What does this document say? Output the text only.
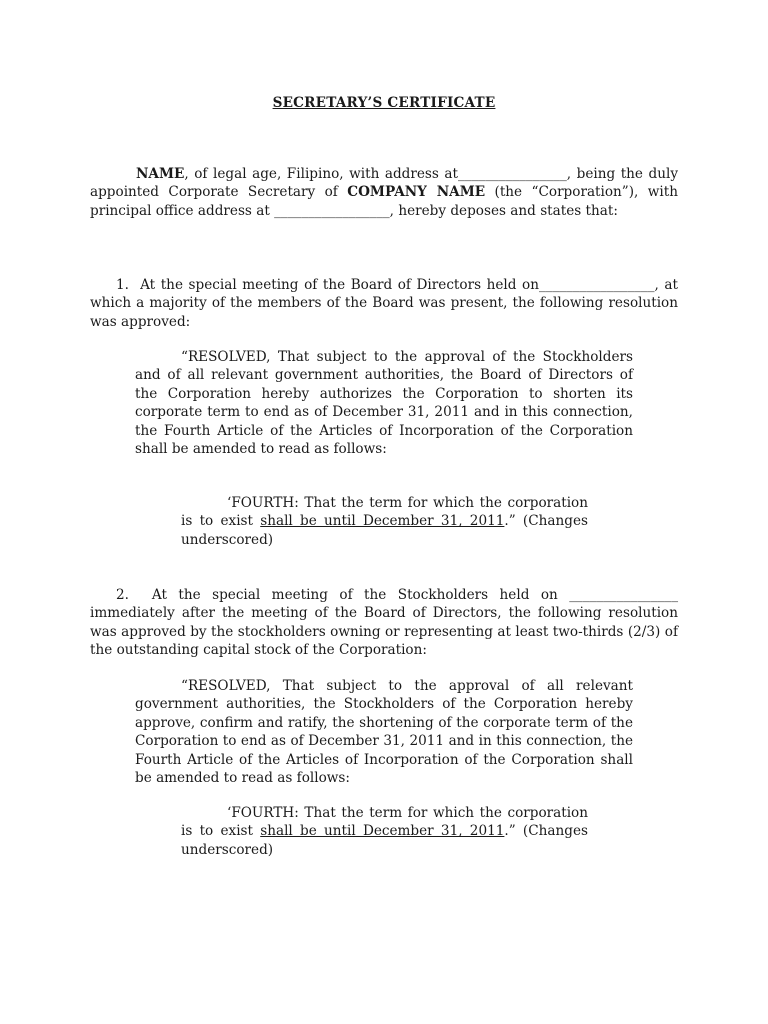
SECRETARY’S CERTIFICATE

NAME, of legal age, Filipino, with address at________________, being the duly appointed Corporate Secretary of COMPANY NAME (the “Corporation”), with principal office address at _________________, hereby deposes and states that:

1.  At the special meeting of the Board of Directors held on_________________, at which a majority of the members of the Board was present, the following resolution was approved:

“RESOLVED, That subject to the approval of the Stockholders and of all relevant government authorities, the Board of Directors of the Corporation hereby authorizes the Corporation to shorten its corporate term to end as of December 31, 2011 and in this connection, the Fourth Article of the Articles of Incorporation of the Corporation shall be amended to read as follows:

‘FOURTH: That the term for which the corporation is to exist shall be until December 31, 2011.” (Changes underscored)

2.  At the special meeting of the Stockholders held on ________________ immediately after the meeting of the Board of Directors, the following resolution was approved by the stockholders owning or representing at least two-thirds (2/3) of the outstanding capital stock of the Corporation:

“RESOLVED, That subject to the approval of all relevant government authorities, the Stockholders of the Corporation hereby approve, confirm and ratify, the shortening of the corporate term of the Corporation to end as of December 31, 2011 and in this connection, the Fourth Article of the Articles of Incorporation of the Corporation shall be amended to read as follows:

‘FOURTH: That the term for which the corporation is to exist shall be until December 31, 2011.” (Changes underscored)
